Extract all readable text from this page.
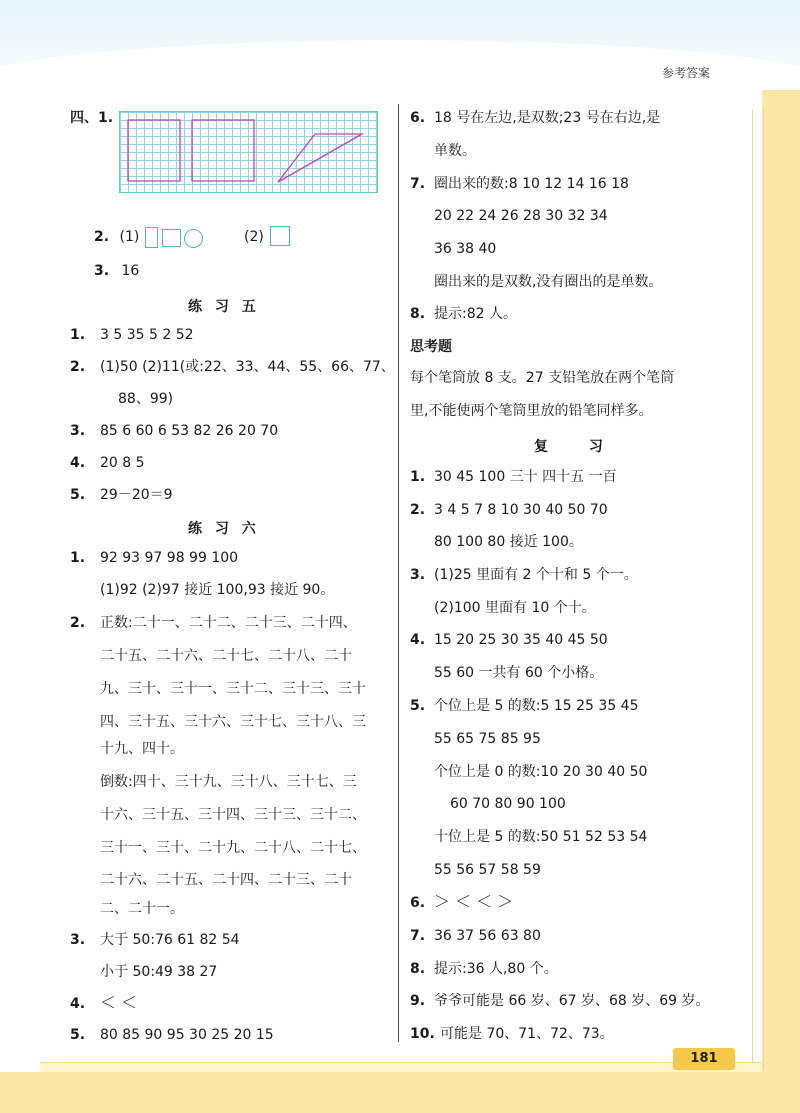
参考答案
181
四、1.
2. (1)	(2)
3. 16
练 习 五
1. 3 5 35 5 2 52
2. (1)50 (2)11(或:22、33、44、55、66、77、
88、99)
3. 85 6 60 6 53 82 26 20 70
4. 20 8 5
5. 29－20＝9
练 习 六
1. 92 93 97 98 99 100
(1)92 (2)97 接近 100,93 接近 90。
2. 正数:二十一、二十二、二十三、二十四、
二十五、二十六、二十七、二十八、二十
九、三十、三十一、三十二、三十三、三十
四、三十五、三十六、三十七、三十八、三
十九、四十。
倒数:四十、三十九、三十八、三十七、三
十六、三十五、三十四、三十三、三十二、
三十一、三十、二十九、二十八、二十七、
二十六、二十五、二十四、二十三、二十
二、二十一。
3. 大于 50:76 61 82 54
小于 50:49 38 27
4. ＜ ＜
5. 80 85 90 95 30 25 20 15
6. 18 号在左边,是双数;23 号在右边,是
单数。
7. 圈出来的数:8 10 12 14 16 18
20 22 24 26 28 30 32 34
36 38 40
圈出来的是双数,没有圈出的是单数。
8. 提示:82 人。
思考题
每个笔筒放 8 支。27 支铅笔放在两个笔筒
里,不能使两个笔筒里放的铅笔同样多。
复 习
1. 30 45 100 三十 四十五 一百
2. 3 4 5 7 8 10 30 40 50 70
80 100 80 接近 100。
3. (1)25 里面有 2 个十和 5 个一。
(2)100 里面有 10 个十。
4. 15 20 25 30 35 40 45 50
55 60 一共有 60 个小格。
5. 个位上是 5 的数:5 15 25 35 45
55 65 75 85 95
个位上是 0 的数:10 20 30 40 50
60 70 80 90 100
十位上是 5 的数:50 51 52 53 54
55 56 57 58 59
6. ＞ ＜ ＜ ＞
7. 36 37 56 63 80
8. 提示:36 人,80 个。
9. 爷爷可能是 66 岁、67 岁、68 岁、69 岁。
10. 可能是 70、71、72、73。
